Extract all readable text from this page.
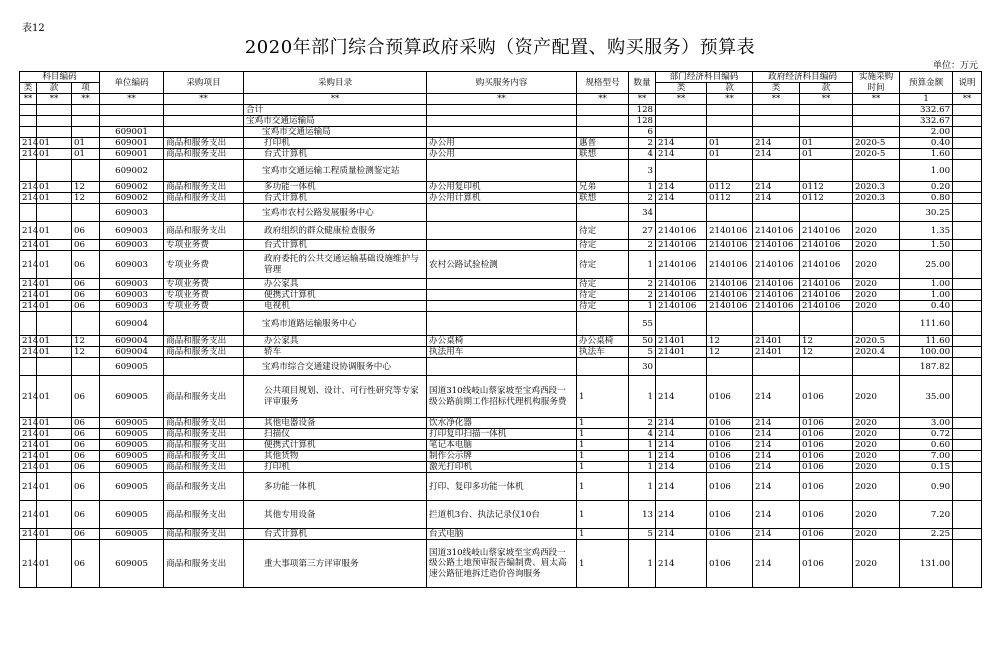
表12
2020年部门综合预算政府采购（资产配置、购买服务）预算表
单位：万元
科目编码			单位编码	采购项目	采购目录	购买服务内容	规格型号	数量	部门经济科目编码		政府经济科目编码		实施采购时间	预算金额	说明
类	款	项							类	款	类	款			
**	**	**	**	**	**	**	**	**	**	**	**	**	**	1	**
					合计			128						332.67	
					宝鸡市交通运输局			128						332.67	
			609001		宝鸡市交通运输局			6						2.00	
214	01	01	609001	商品和服务支出	打印机	办公用	惠普	2	214	01	214	01	2020-5	0.40	
214	01	01	609001	商品和服务支出	台式计算机	办公用	联想	4	214	01	214	01	2020-5	1.60	
			609002		宝鸡市交通运输工程质量检测鉴定站			3						1.00	
214	01	12	609002	商品和服务支出	多功能一体机	办公用复印机	兄弟	1	214	0112	214	0112	2020.3	0.20	
214	01	12	609002	商品和服务支出	台式计算机	办公用计算机	联想	2	214	0112	214	0112	2020.3	0.80	
			609003		宝鸡市农村公路发展服务中心			34						30.25	
214	01	06	609003	商品和服务支出	政府组织的群众健康检查服务		待定	27	2140106	2140106	2140106	2140106	2020	1.35	
214	01	06	609003	专项业务费	台式计算机		待定	2	2140106	2140106	2140106	2140106	2020	1.50	
214	01	06	609003	专项业务费	政府委托的公共交通运输基础设施维护与管理	农村公路试验检测	待定	1	2140106	2140106	2140106	2140106	2020	25.00	
214	01	06	609003	专项业务费	办公家具		待定	2	2140106	2140106	2140106	2140106	2020	1.00	
214	01	06	609003	专项业务费	便携式计算机		待定	2	2140106	2140106	2140106	2140106	2020	1.00	
214	01	06	609003	专项业务费	电视机		待定	1	2140106	2140106	2140106	2140106	2020	0.40	
			609004		宝鸡市道路运输服务中心			55						111.60	
214	01	12	609004	商品和服务支出	办公家具	办公桌椅	办公桌椅	50	21401	12	21401	12	2020.5	11.60	
214	01	12	609004	商品和服务支出	轿车	执法用车	执法车	5	21401	12	21401	12	2020.4	100.00	
			609005		宝鸡市综合交通建设协调服务中心			30						187.82	
214	01	06	609005	商品和服务支出	公共项目规划、设计、可行性研究等专家评审服务	国道310线岐山蔡家坡至宝鸡西段一级公路前期工作招标代理机构服务费	1	1	214	0106	214	0106	2020	35.00	
214	01	06	609005	商品和服务支出	其他电器设备	饮水净化器	1	2	214	0106	214	0106	2020	3.00	
214	01	06	609005	商品和服务支出	扫描仪	打印复印扫描一体机	1	4	214	0106	214	0106	2020	0.72	
214	01	06	609005	商品和服务支出	便携式计算机	笔记本电脑	1	1	214	0106	214	0106	2020	0.60	
214	01	06	609005	商品和服务支出	其他货物	制作公示牌	1	1	214	0106	214	0106	2020	7.00	
214	01	06	609005	商品和服务支出	打印机	激光打印机	1	1	214	0106	214	0106	2020	0.15	
214	01	06	609005	商品和服务支出	多功能一体机	打印、复印多功能一体机	1	1	214	0106	214	0106	2020	0.90	
214	01	06	609005	商品和服务支出	其他专用设备	拦道机3台、执法记录仪10台	1	13	214	0106	214	0106	2020	7.20	
214	01	06	609005	商品和服务支出	台式计算机	台式电脑	1	5	214	0106	214	0106	2020	2.25	
214	01	06	609005	商品和服务支出	重大事项第三方评审服务	国道310线岐山蔡家坡至宝鸡西段一级公路土地预审报告编制费、眉太高速公路征地拆迁造价咨询服务	1	1	214	0106	214	0106	2020	131.00	
